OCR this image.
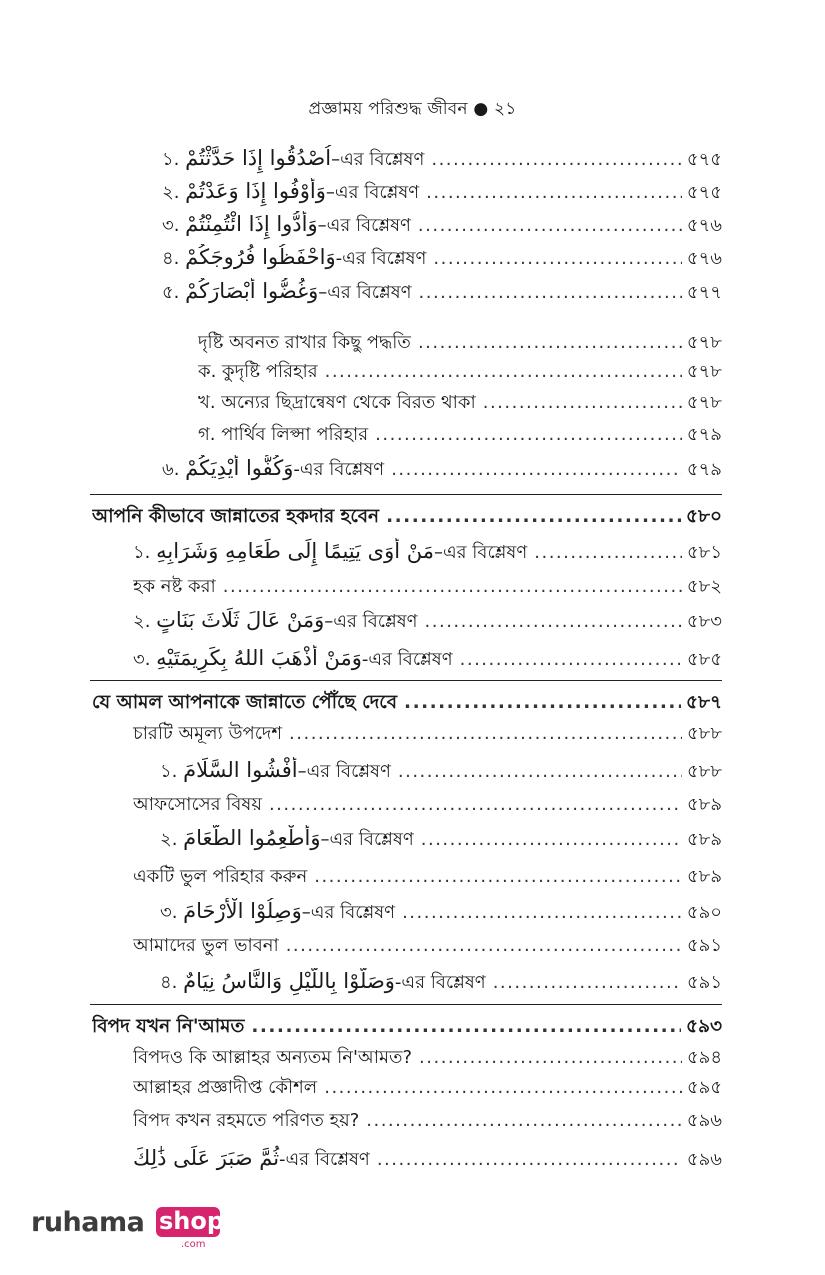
প্রজ্ঞাময় পরিশুদ্ধ জীবন ● ২১
১. اُصْدُقُوا إِذَا حَدَّثْتُمْ–এর বিশ্লেষণ .....	৫৭৫
২. وَأَوْفُوا إِذَا وَعَدْتُمْ–এর বিশ্লেষণ .....	৫৭৫
৩. وَأَدُّوا إِذَا ائْتُمِنْتُمْ–এর বিশ্লেষণ .....	৫৭৬
৪. وَاحْفَظُوا فُرُوجَكُمْ-এর বিশ্লেষণ .....	৫৭৬
৫. وَغُضُّوا أَبْصَارَكُمْ–এর বিশ্লেষণ .....	৫৭৭
দৃষ্টি অবনত রাখার কিছু পদ্ধতি .....	৫৭৮
ক. কুদৃষ্টি পরিহার .....	৫৭৮
খ. অন্যের ছিদ্রান্বেষণ থেকে বিরত থাকা .....	৫৭৮
গ. পার্থিব লিপ্সা পরিহার .....	৫৭৯
৬. وَكُفُّوا أَيْدِيَكُمْ-এর বিশ্লেষণ .....	৫৭৯
আপনি কীভাবে জান্নাতের হকদার হবেন .....	৫৮০
১. مَنْ أَوَى يَتِيمًا إِلَى طَعَامِهِ وَشَرَابِهِ–এর বিশ্লেষণ .....	৫৮১
হক নষ্ট করা .....	৫৮২
২. وَمَنْ عَالَ ثَلَاثَ بَنَاتٍ–এর বিশ্লেষণ .....	৫৮৩
৩. وَمَنْ أَذْهَبَ اللهُ بِكَرِيمَتَيْهِ-এর বিশ্লেষণ .....	৫৮৫
যে আমল আপনাকে জান্নাতে পৌঁছে দেবে .....	৫৮৭
চারটি অমূল্য উপদেশ .....	৫৮৮
১. أَفْشُوا السَّلَامَ–এর বিশ্লেষণ .....	৫৮৮
আফসোসের বিষয় .....	৫৮৯
২. وَأَطْعِمُوا الطَّعَامَ–এর বিশ্লেষণ .....	৫৮৯
একটি ভুল পরিহার করুন .....	৫৮৯
৩. وَصِلُوْا الْأَرْحَامَ–এর বিশ্লেষণ .....	৫৯০
আমাদের ভুল ভাবনা .....	৫৯১
৪. وَصَلُّوْا بِاللَّيْلِ وَالنَّاسُ نِيَامٌ-এর বিশ্লেষণ .....	৫৯১
বিপদ যখন নি'আমত .....	৫৯৩
বিপদও কি আল্লাহর অন্যতম নি'আমত? .....	৫৯৪
আল্লাহর প্রজ্ঞাদীপ্ত কৌশল .....	৫৯৫
বিপদ কখন রহমতে পরিণত হয়? .....	৫৯৬
ثُمَّ صَبَرَ عَلَى ذَٰلِكَ-এর বিশ্লেষণ .....	৫৯৬
ruhama shop
.com
